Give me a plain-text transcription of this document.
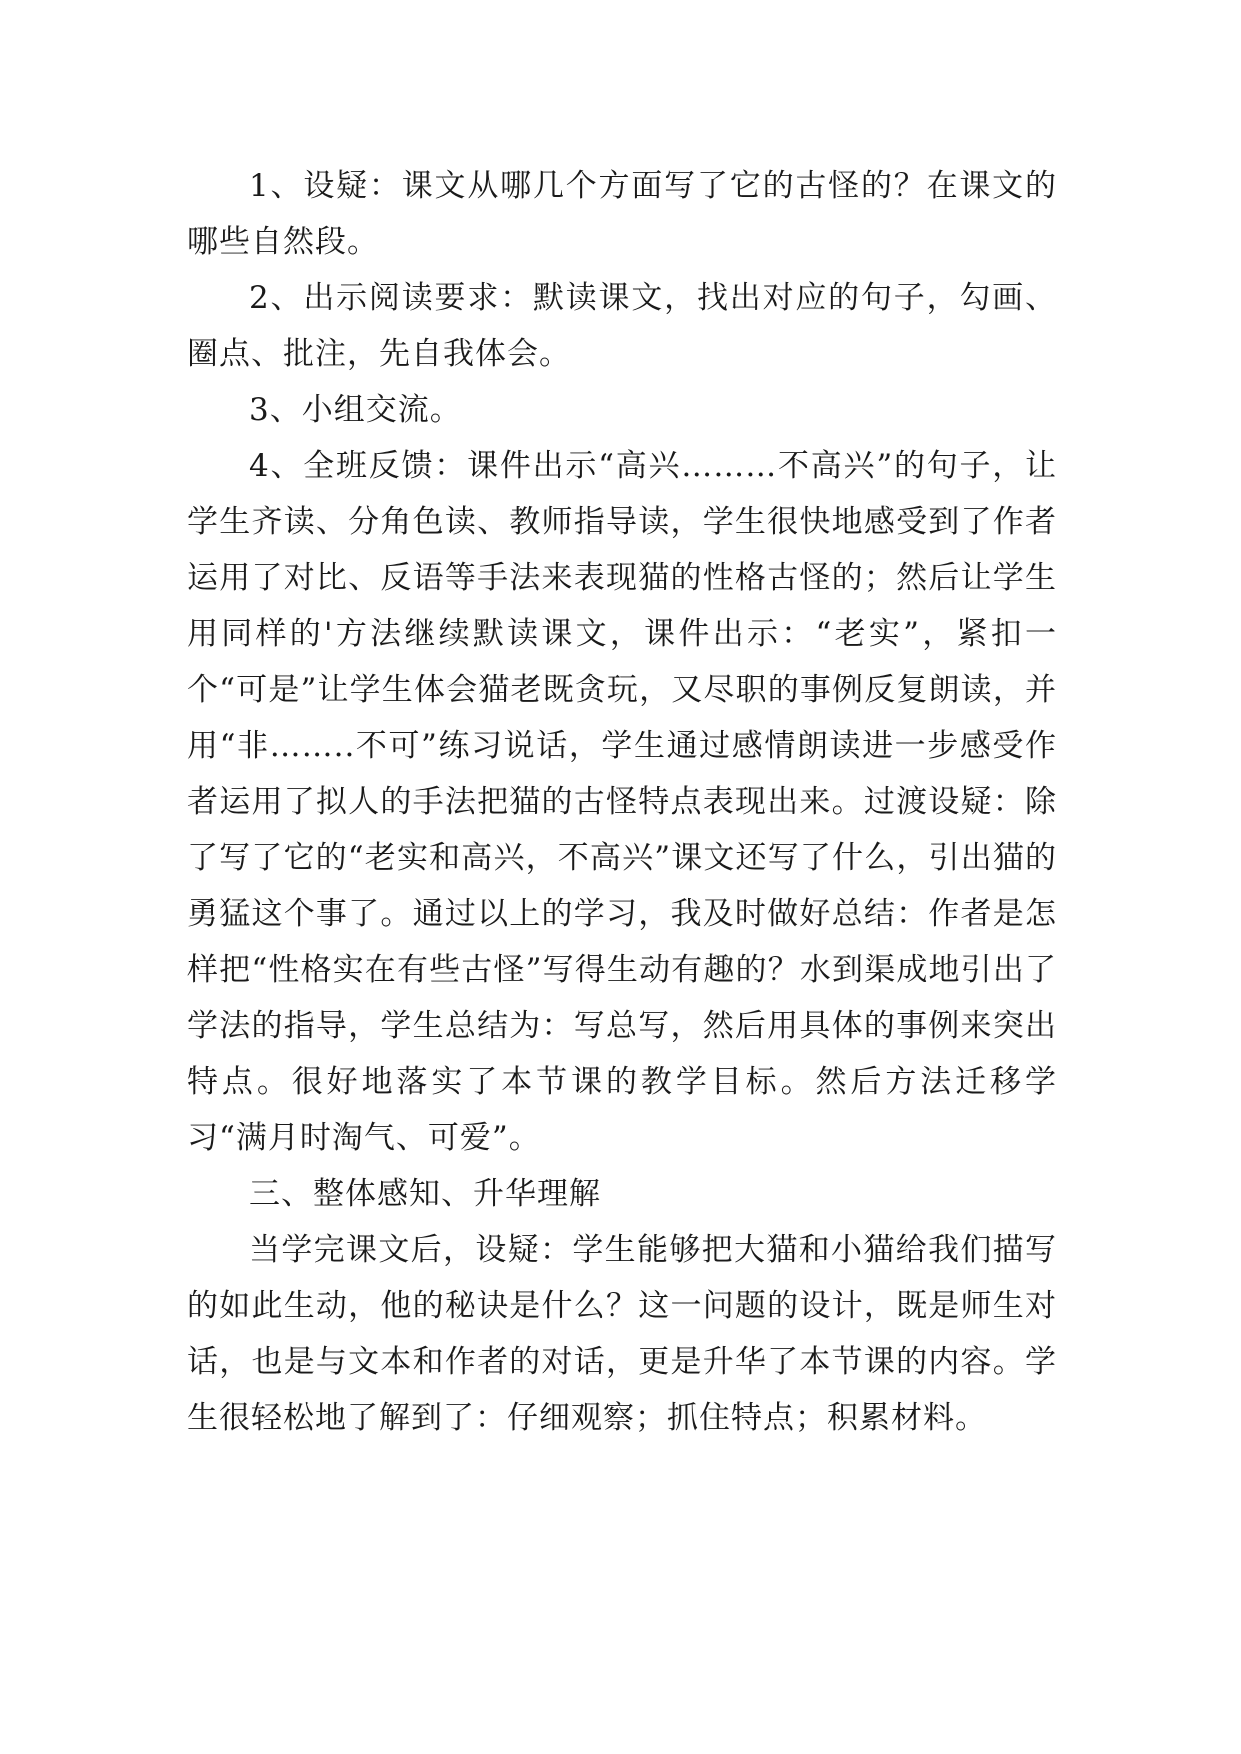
1、设疑：课文从哪几个方面写了它的古怪的？在课文的哪些自然段。

2、出示阅读要求：默读课文，找出对应的句子，勾画、圈点、批注，先自我体会。

3、小组交流。

4、全班反馈：课件出示“高兴………不高兴”的句子，让学生齐读、分角色读、教师指导读，学生很快地感受到了作者运用了对比、反语等手法来表现猫的性格古怪的；然后让学生用同样的'方法继续默读课文，课件出示：“老实”，紧扣一个“可是”让学生体会猫老既贪玩，又尽职的事例反复朗读，并用“非……..不可”练习说话，学生通过感情朗读进一步感受作者运用了拟人的手法把猫的古怪特点表现出来。过渡设疑：除了写了它的“老实和高兴，不高兴”课文还写了什么，引出猫的勇猛这个事了。通过以上的学习，我及时做好总结：作者是怎样把“性格实在有些古怪”写得生动有趣的？水到渠成地引出了学法的指导，学生总结为：写总写，然后用具体的事例来突出特点。很好地落实了本节课的教学目标。然后方法迁移学习“满月时淘气、可爱”。

三、整体感知、升华理解

当学完课文后，设疑：学生能够把大猫和小猫给我们描写的如此生动，他的秘诀是什么？这一问题的设计，既是师生对话，也是与文本和作者的对话，更是升华了本节课的内容。学生很轻松地了解到了：仔细观察；抓住特点；积累材料。
